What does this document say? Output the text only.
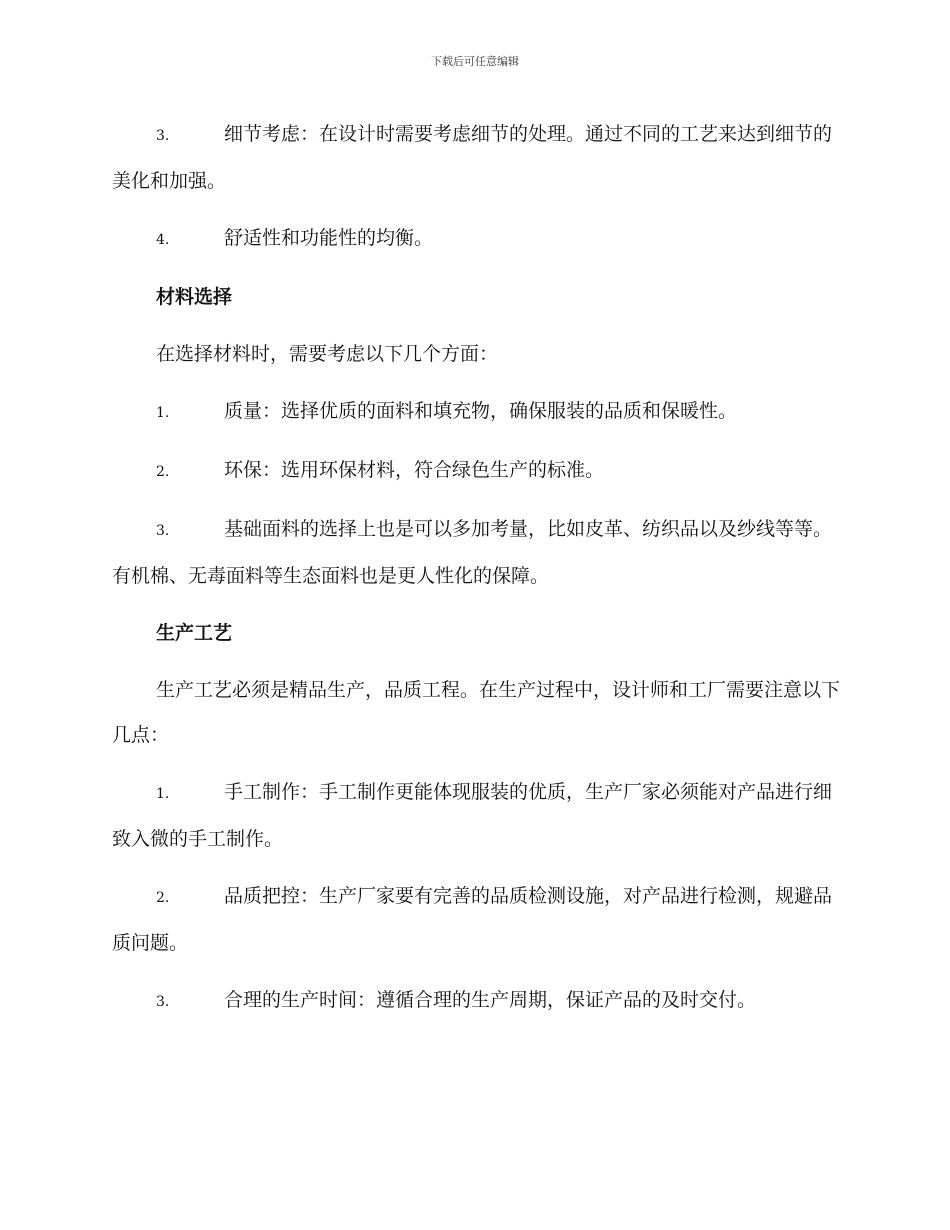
下载后可任意编辑

3.	细节考虑：在设计时需要考虑细节的处理。通过不同的工艺来达到细节的美化和加强。

4.	舒适性和功能性的均衡。

材料选择

在选择材料时，需要考虑以下几个方面：

1.	质量：选择优质的面料和填充物，确保服装的品质和保暖性。

2.	环保：选用环保材料，符合绿色生产的标准。

3.	基础面料的选择上也是可以多加考量，比如皮革、纺织品以及纱线等等。有机棉、无毒面料等生态面料也是更人性化的保障。

生产工艺

生产工艺必须是精品生产，品质工程。在生产过程中，设计师和工厂需要注意以下几点：

1.	手工制作：手工制作更能体现服装的优质，生产厂家必须能对产品进行细致入微的手工制作。

2.	品质把控：生产厂家要有完善的品质检测设施，对产品进行检测，规避品质问题。

3.	合理的生产时间：遵循合理的生产周期，保证产品的及时交付。
